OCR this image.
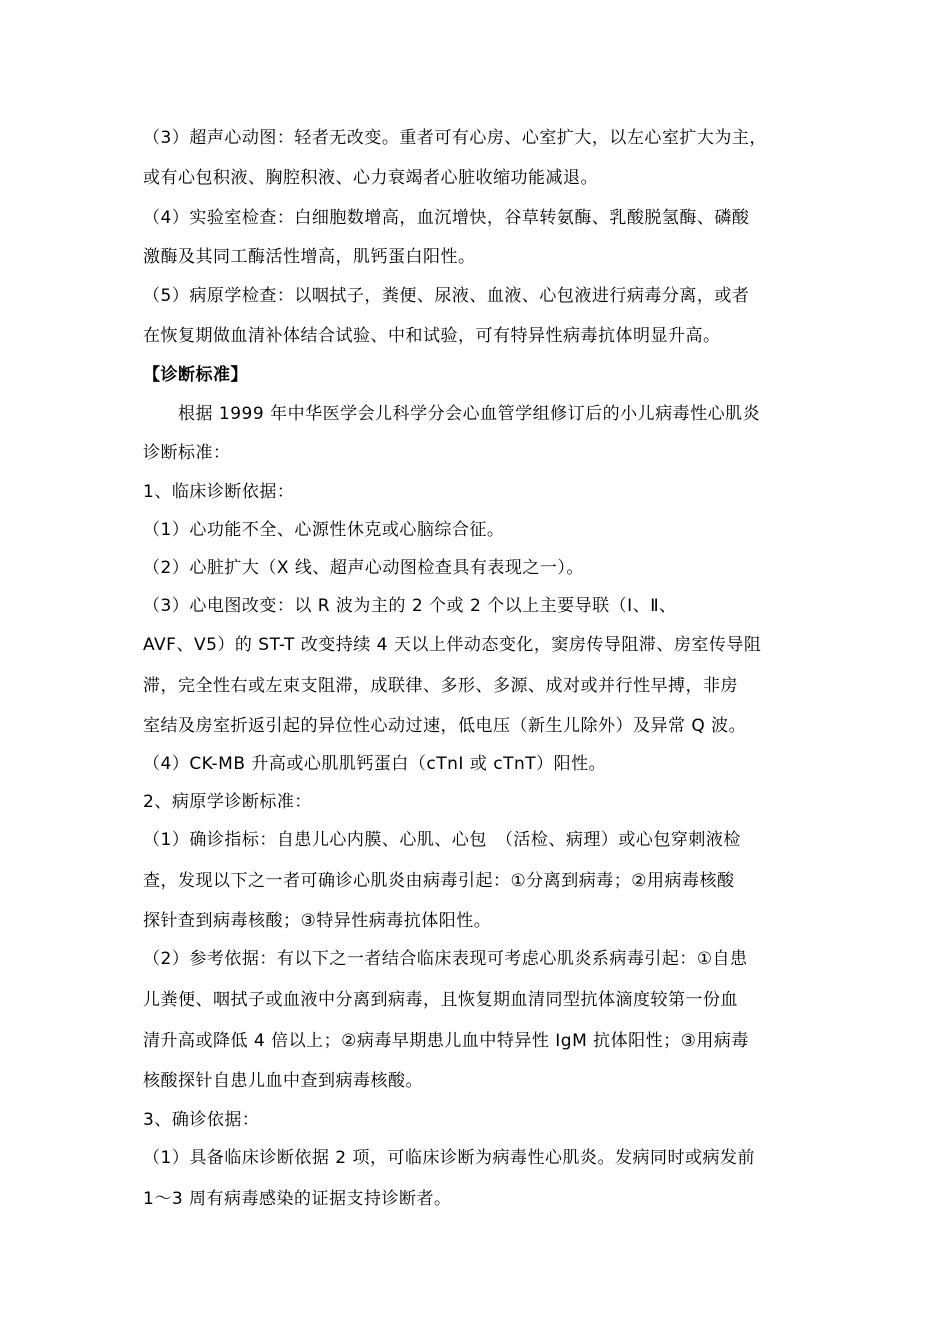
（3）超声心动图：轻者无改变。重者可有心房、心室扩大，以左心室扩大为主，
或有心包积液、胸腔积液、心力衰竭者心脏收缩功能减退。
（4）实验室检查：白细胞数增高，血沉增快，谷草转氨酶、乳酸脱氢酶、磷酸
激酶及其同工酶活性增高，肌钙蛋白阳性。
（5）病原学检查：以咽拭子，粪便、尿液、血液、心包液进行病毒分离，或者
在恢复期做血清补体结合试验、中和试验，可有特异性病毒抗体明显升高。
【诊断标准】
　　根据 1999 年中华医学会儿科学分会心血管学组修订后的小儿病毒性心肌炎
诊断标准：
1、临床诊断依据：
（1）心功能不全、心源性休克或心脑综合征。
（2）心脏扩大（X 线、超声心动图检查具有表现之一）。
（3）心电图改变：以 R 波为主的 2 个或 2 个以上主要导联（Ⅰ、Ⅱ、
AVF、V5）的 ST-T 改变持续 4 天以上伴动态变化，窦房传导阻滞、房室传导阻
滞，完全性右或左束支阻滞，成联律、多形、多源、成对或并行性早搏，非房
室结及房室折返引起的异位性心动过速，低电压（新生儿除外）及异常 Q 波。
（4）CK-MB 升高或心肌肌钙蛋白（cTnI 或 cTnT）阳性。
2、病原学诊断标准：
（1）确诊指标：自患儿心内膜、心肌、心包　（活检、病理）或心包穿刺液检
查，发现以下之一者可确诊心肌炎由病毒引起：①分离到病毒；②用病毒核酸
探针查到病毒核酸；③特异性病毒抗体阳性。
（2）参考依据：有以下之一者结合临床表现可考虑心肌炎系病毒引起：①自患
儿粪便、咽拭子或血液中分离到病毒，且恢复期血清同型抗体滴度较第一份血
清升高或降低 4 倍以上；②病毒早期患儿血中特异性 IgM 抗体阳性；③用病毒
核酸探针自患儿血中查到病毒核酸。
3、确诊依据：
（1）具备临床诊断依据 2 项，可临床诊断为病毒性心肌炎。发病同时或病发前
1～3 周有病毒感染的证据支持诊断者。
